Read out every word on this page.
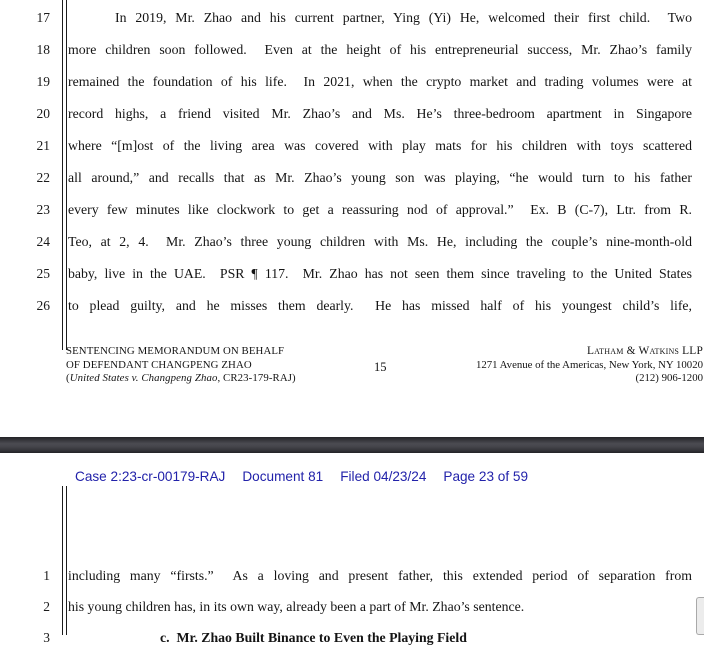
17	In 2019, Mr. Zhao and his current partner, Ying (Yi) He, welcomed their first child.  Two
18 more children soon followed.  Even at the height of his entrepreneurial success, Mr. Zhao’s family
19 remained the foundation of his life.  In 2021, when the crypto market and trading volumes were at
20 record highs, a friend visited Mr. Zhao’s and Ms. He’s three-bedroom apartment in Singapore
21 where “[m]ost of the living area was covered with play mats for his children with toys scattered
22 all around,” and recalls that as Mr. Zhao’s young son was playing, “he would turn to his father
23 every few minutes like clockwork to get a reassuring nod of approval.”  Ex. B (C-7), Ltr. from R.
24 Teo, at 2, 4.  Mr. Zhao’s three young children with Ms. He, including the couple’s nine-month-old
25 baby, live in the UAE.  PSR ¶ 117.  Mr. Zhao has not seen them since traveling to the United States
26 to plead guilty, and he misses them dearly.  He has missed half of his youngest child’s life,
SENTENCING MEMORANDUM ON BEHALF
OF DEFENDANT CHANGPENG ZHAO
(United States v. Changpeng Zhao, CR23-179-RAJ)
15
Latham & Watkins LLP
1271 Avenue of the Americas, New York, NY 10020
(212) 906-1200
Case 2:23-cr-00179-RAJ Document 81 Filed 04/23/24 Page 23 of 59
1 including many “firsts.”  As a loving and present father, this extended period of separation from
2 his young children has, in its own way, already been a part of Mr. Zhao’s sentence.
3	c.  Mr. Zhao Built Binance to Even the Playing Field
